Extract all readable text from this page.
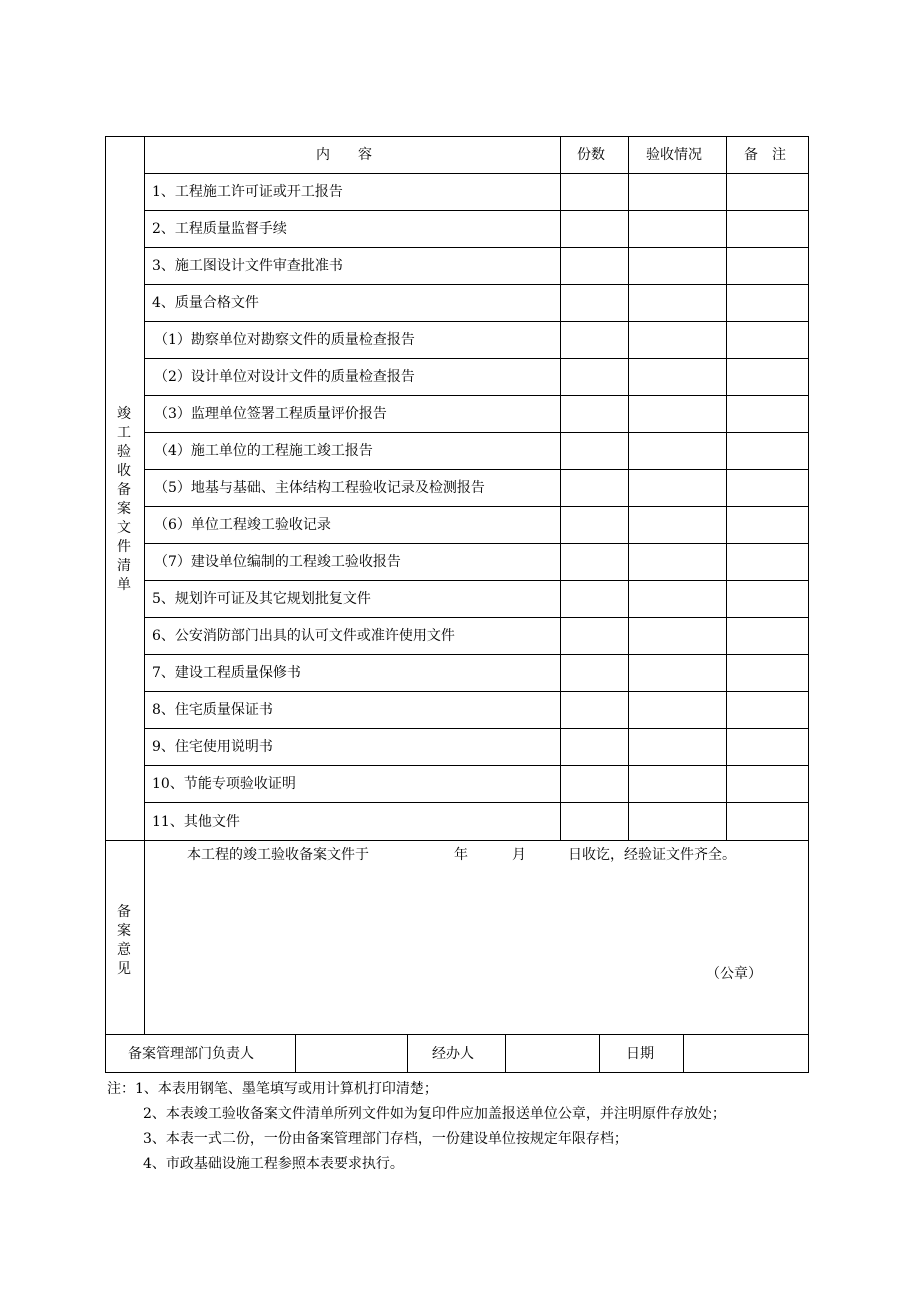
内　　容	份数	验收情况	备　注
竣工验收备案文件清单
1、工程施工许可证或开工报告
2、工程质量监督手续
3、施工图设计文件审查批准书
4、质量合格文件
（1）勘察单位对勘察文件的质量检查报告
（2）设计单位对设计文件的质量检查报告
（3）监理单位签署工程质量评价报告
（4）施工单位的工程施工竣工报告
（5）地基与基础、主体结构工程验收记录及检测报告
（6）单位工程竣工验收记录
（7）建设单位编制的工程竣工验收报告
5、规划许可证及其它规划批复文件
6、公安消防部门出具的认可文件或准许使用文件
7、建设工程质量保修书
8、住宅质量保证书
9、住宅使用说明书
10、节能专项验收证明
11、其他文件
备案意见
本工程的竣工验收备案文件于	年	月	日收讫，经验证文件齐全。
（公章）
备案管理部门负责人	经办人	日期
注：1、本表用钢笔、墨笔填写或用计算机打印清楚；
2、本表竣工验收备案文件清单所列文件如为复印件应加盖报送单位公章，并注明原件存放处；
3、本表一式二份，一份由备案管理部门存档，一份建设单位按规定年限存档；
4、市政基础设施工程参照本表要求执行。
